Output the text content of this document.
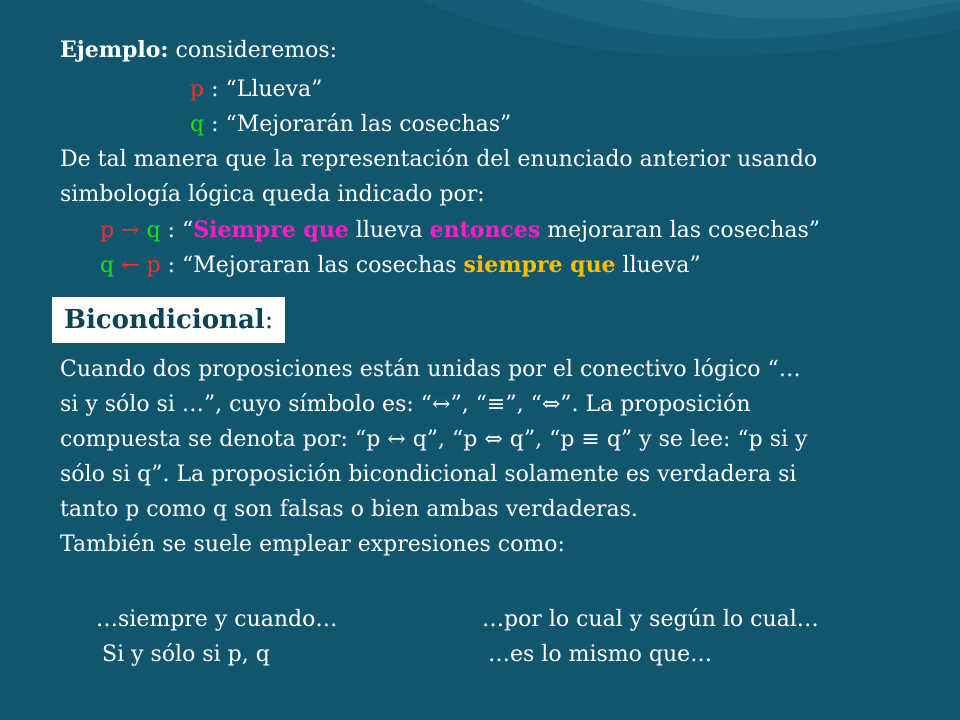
Ejemplo: consideremos:
p : “Llueva”
q : “Mejorarán las cosechas”
De tal manera que la representación del enunciado anterior usando
simbología lógica queda indicado por:
p → q : “Siempre que llueva entonces mejoraran las cosechas”
q ← p : “Mejoraran las cosechas siempre que llueva”
Bicondicional:
Cuando dos proposiciones están unidas por el conectivo lógico “…
si y sólo si …”, cuyo símbolo es: “↔”, “≡”, “⇔”. La proposición
compuesta se denota por: “p ↔ q”, “p ⇔ q”, “p ≡ q” y se lee: “p si y
sólo si q”. La proposición bicondicional solamente es verdadera si
tanto p como q son falsas o bien ambas verdaderas.
También se suele emplear expresiones como:
…siempre y cuando…	…por lo cual y según lo cual…
Si y sólo si p, q	…es lo mismo que…
